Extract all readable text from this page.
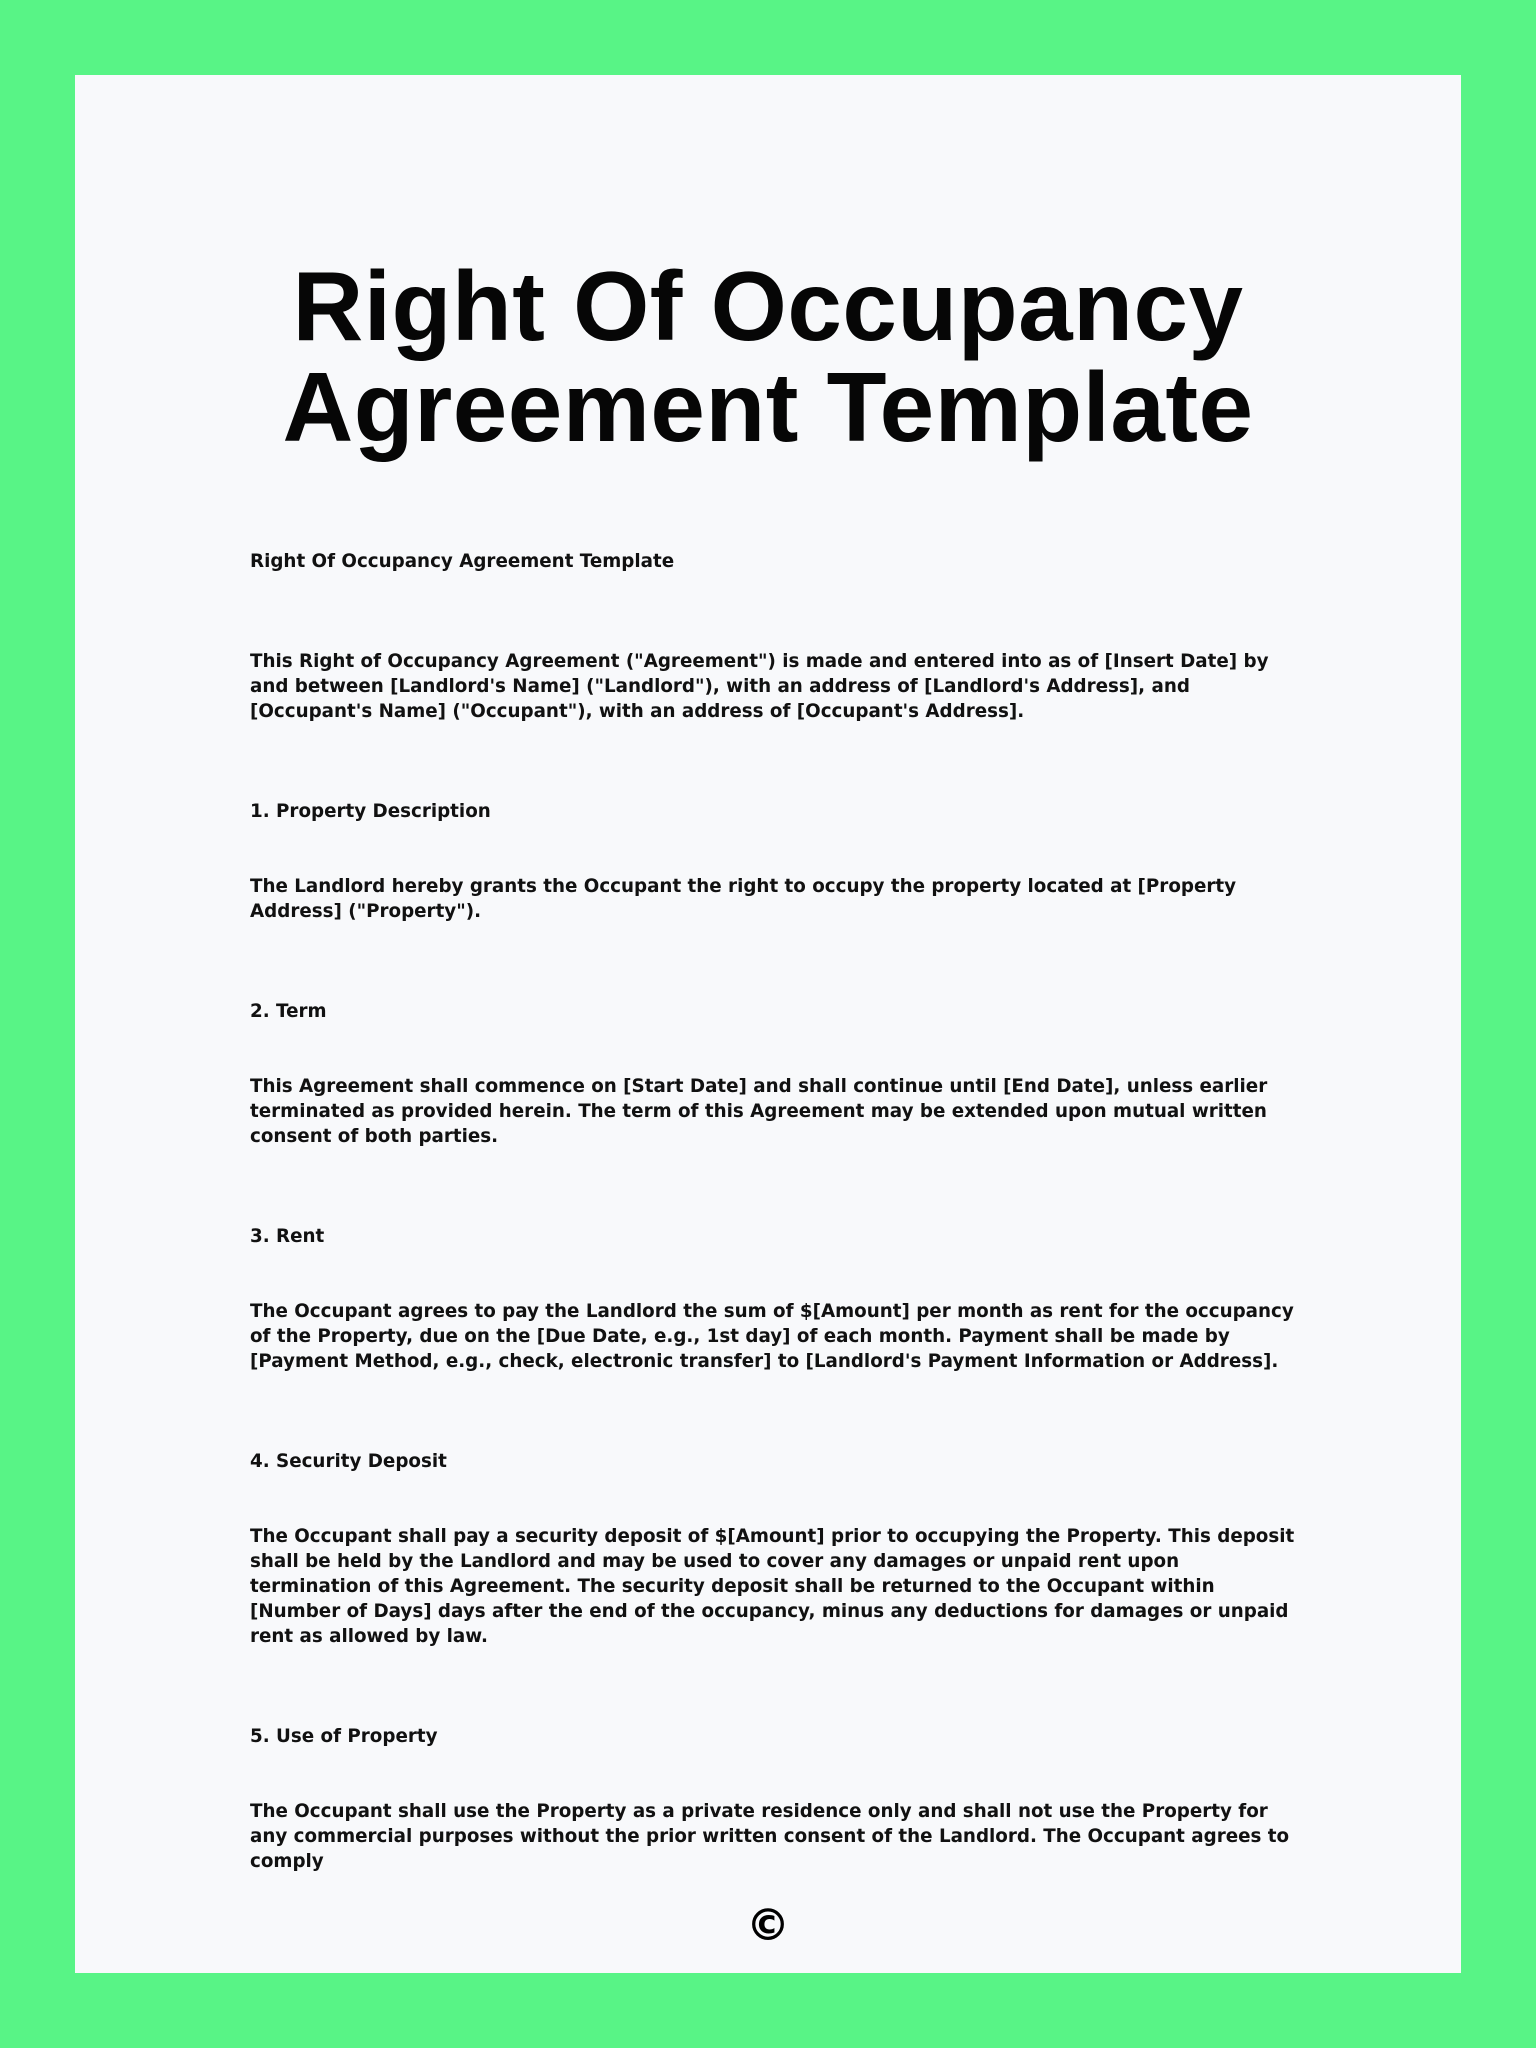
Right Of Occupancy
Agreement Template

Right Of Occupancy Agreement Template

This Right of Occupancy Agreement ("Agreement") is made and entered into as of [Insert Date] by and between [Landlord's Name] ("Landlord"), with an address of [Landlord's Address], and [Occupant's Name] ("Occupant"), with an address of [Occupant's Address].

1. Property Description

The Landlord hereby grants the Occupant the right to occupy the property located at [Property Address] ("Property").

2. Term

This Agreement shall commence on [Start Date] and shall continue until [End Date], unless earlier terminated as provided herein. The term of this Agreement may be extended upon mutual written consent of both parties.

3. Rent

The Occupant agrees to pay the Landlord the sum of $[Amount] per month as rent for the occupancy of the Property, due on the [Due Date, e.g., 1st day] of each month. Payment shall be made by [Payment Method, e.g., check, electronic transfer] to [Landlord's Payment Information or Address].

4. Security Deposit

The Occupant shall pay a security deposit of $[Amount] prior to occupying the Property. This deposit shall be held by the Landlord and may be used to cover any damages or unpaid rent upon termination of this Agreement. The security deposit shall be returned to the Occupant within [Number of Days] days after the end of the occupancy, minus any deductions for damages or unpaid rent as allowed by law.

5. Use of Property

The Occupant shall use the Property as a private residence only and shall not use the Property for any commercial purposes without the prior written consent of the Landlord. The Occupant agrees to comply

©
